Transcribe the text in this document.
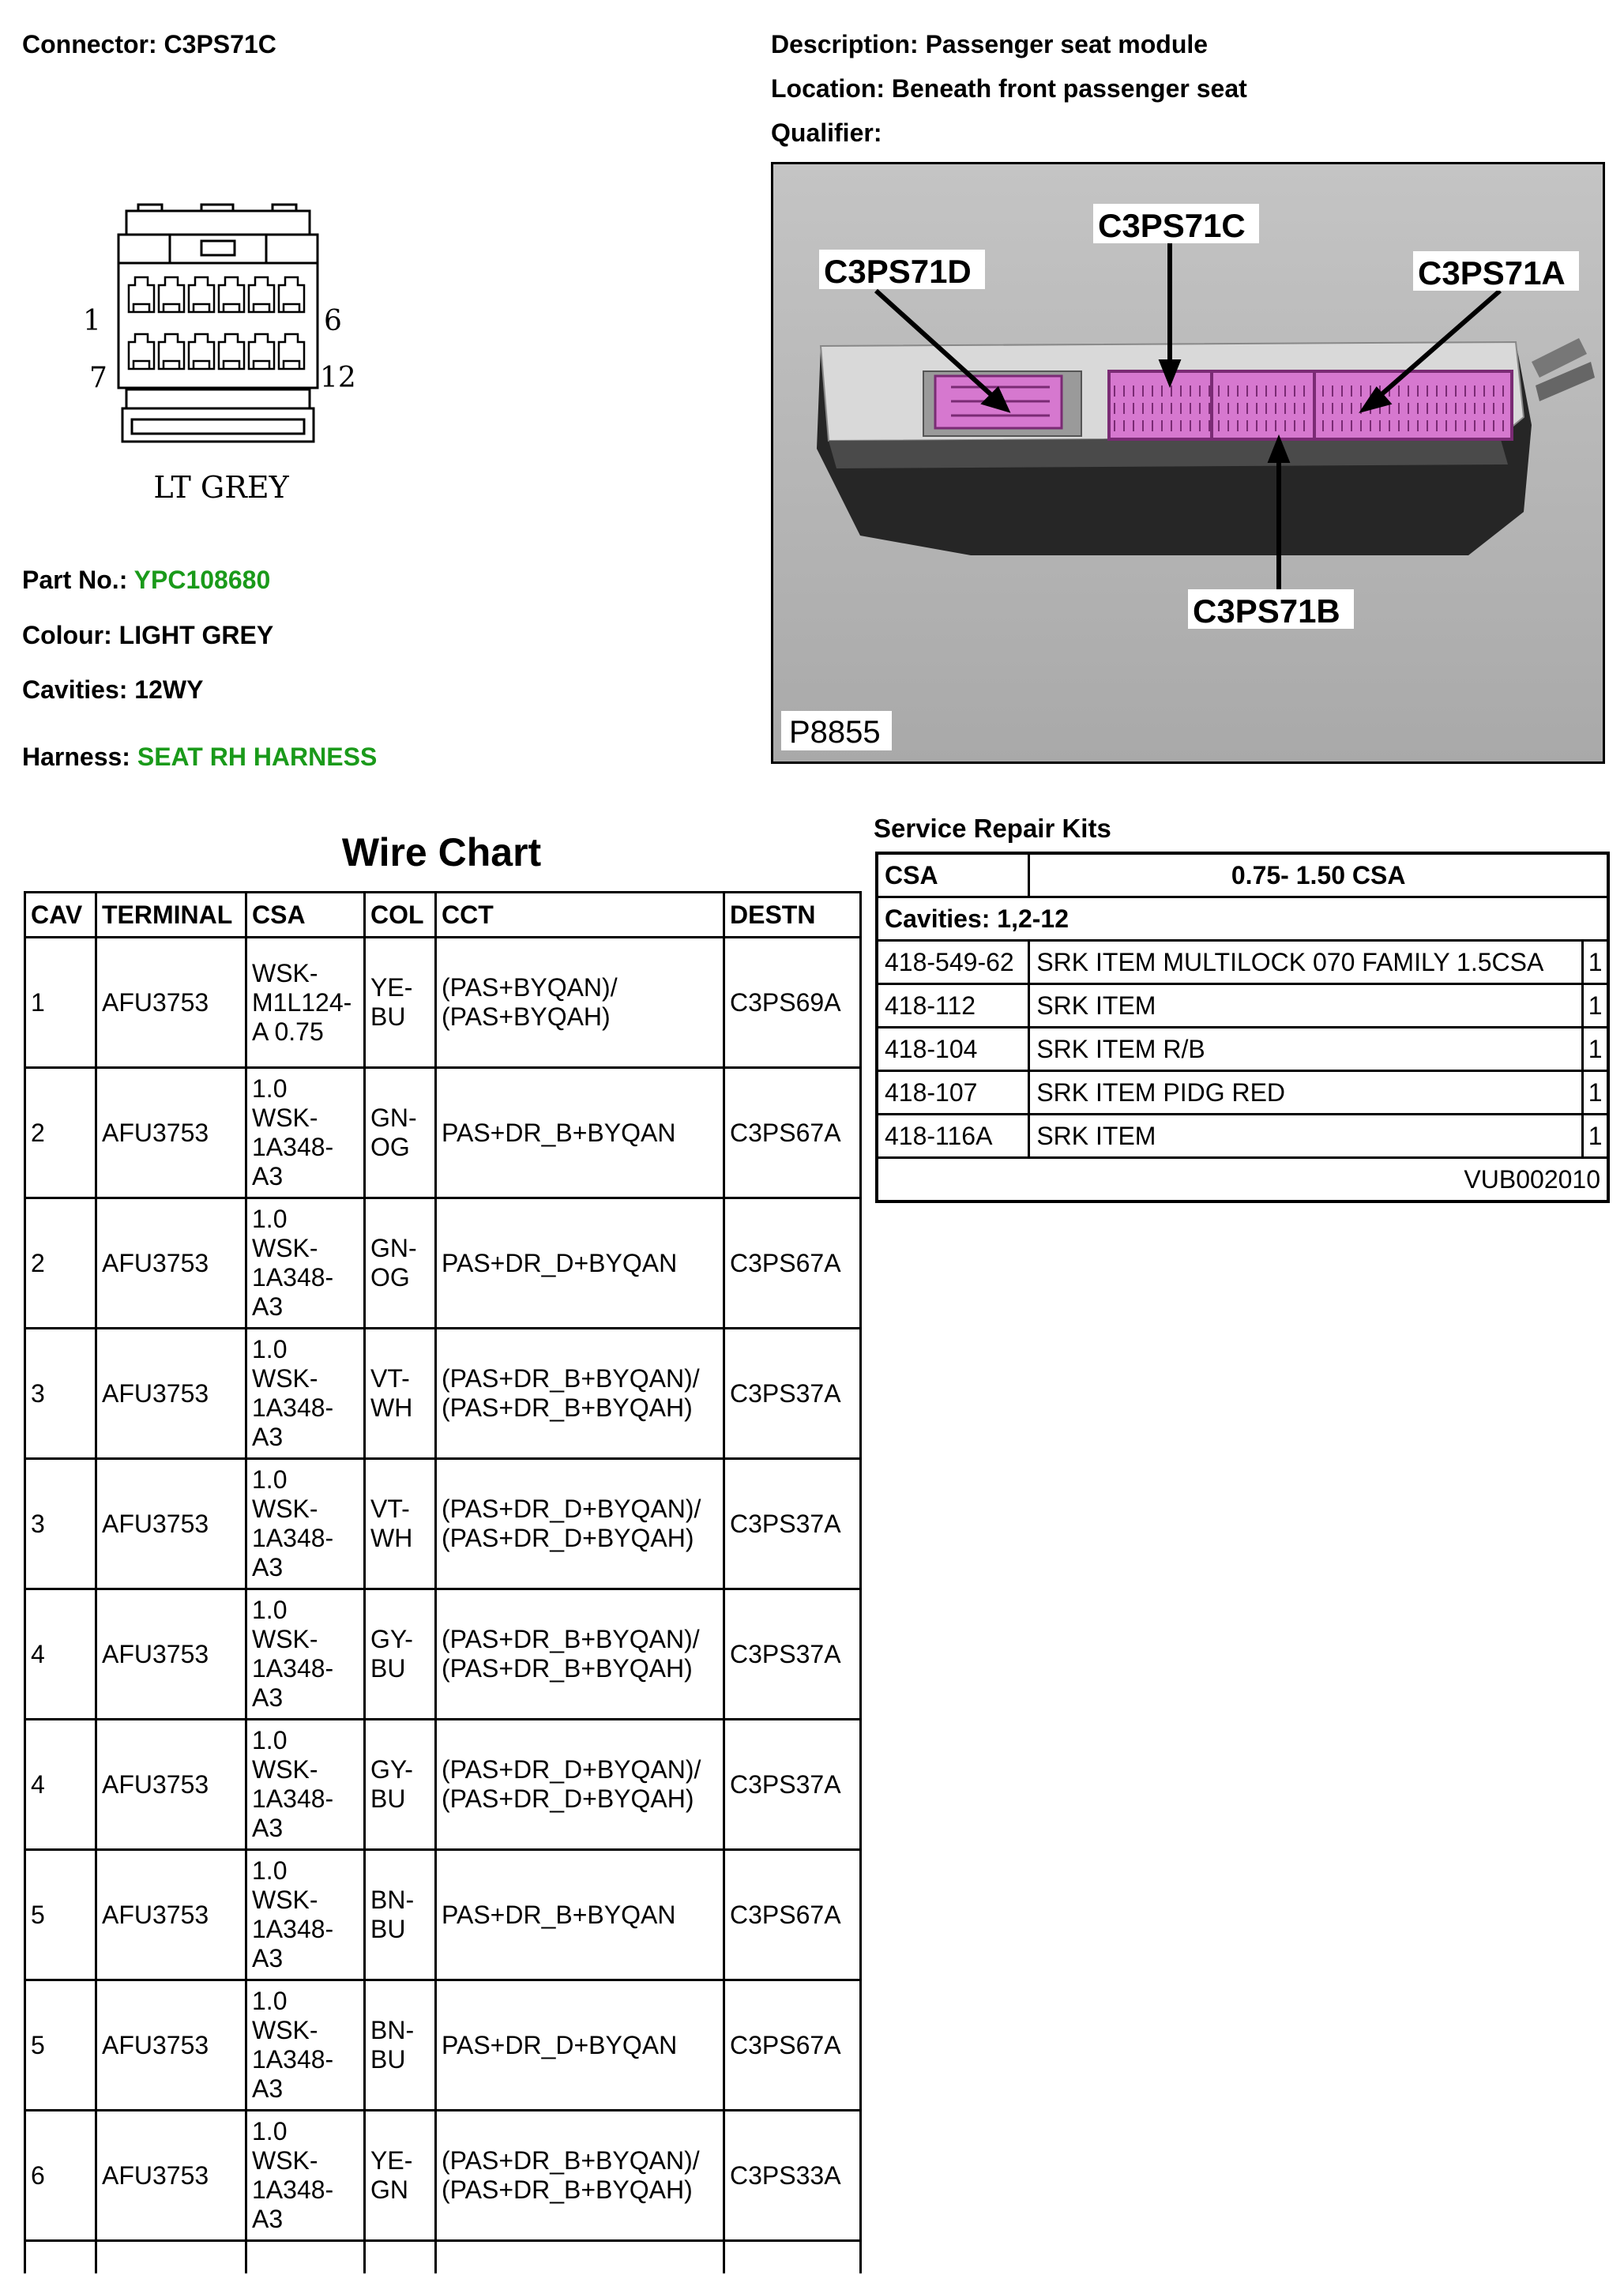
Connector: C3PS71C	Description: Passenger seat module
Location: Beneath front passenger seat
Qualifier:
1	6
7	12
LT GREY
Part No.: YPC108680
Colour: LIGHT GREY
Cavities: 12WY
Harness: SEAT RH HARNESS
C3PS71D
C3PS71C
C3PS71A
C3PS71B
P8855
Wire Chart
CAV	TERMINAL	CSA	COL	CCT	DESTN
1	AFU3753	WSK-
M1L124-
A 0.75	YE-
BU	(PAS+BYQAN)/
(PAS+BYQAH)	C3PS69A
2	AFU3753	1.0
WSK-
1A348-
A3	GN-
OG	PAS+DR_B+BYQAN	C3PS67A
2	AFU3753	1.0
WSK-
1A348-
A3	GN-
OG	PAS+DR_D+BYQAN	C3PS67A
3	AFU3753	1.0
WSK-
1A348-
A3	VT-
WH	(PAS+DR_B+BYQAN)/
(PAS+DR_B+BYQAH)	C3PS37A
3	AFU3753	1.0
WSK-
1A348-
A3	VT-
WH	(PAS+DR_D+BYQAN)/
(PAS+DR_D+BYQAH)	C3PS37A
4	AFU3753	1.0
WSK-
1A348-
A3	GY-
BU	(PAS+DR_B+BYQAN)/
(PAS+DR_B+BYQAH)	C3PS37A
4	AFU3753	1.0
WSK-
1A348-
A3	GY-
BU	(PAS+DR_D+BYQAN)/
(PAS+DR_D+BYQAH)	C3PS37A
5	AFU3753	1.0
WSK-
1A348-
A3	BN-
BU	PAS+DR_B+BYQAN	C3PS67A
5	AFU3753	1.0
WSK-
1A348-
A3	BN-
BU	PAS+DR_D+BYQAN	C3PS67A
6	AFU3753	1.0
WSK-
1A348-
A3	YE-
GN	(PAS+DR_B+BYQAN)/
(PAS+DR_B+BYQAH)	C3PS33A

Service Repair Kits
CSA	0.75- 1.50 CSA	
Cavities: 1,2-12		
418-549-62	SRK ITEM MULTILOCK 070 FAMILY 1.5CSA	1
418-112	SRK ITEM	1
418-104	SRK ITEM R/B	1
418-107	SRK ITEM PIDG RED	1
418-116A	SRK ITEM	1
VUB002010		
